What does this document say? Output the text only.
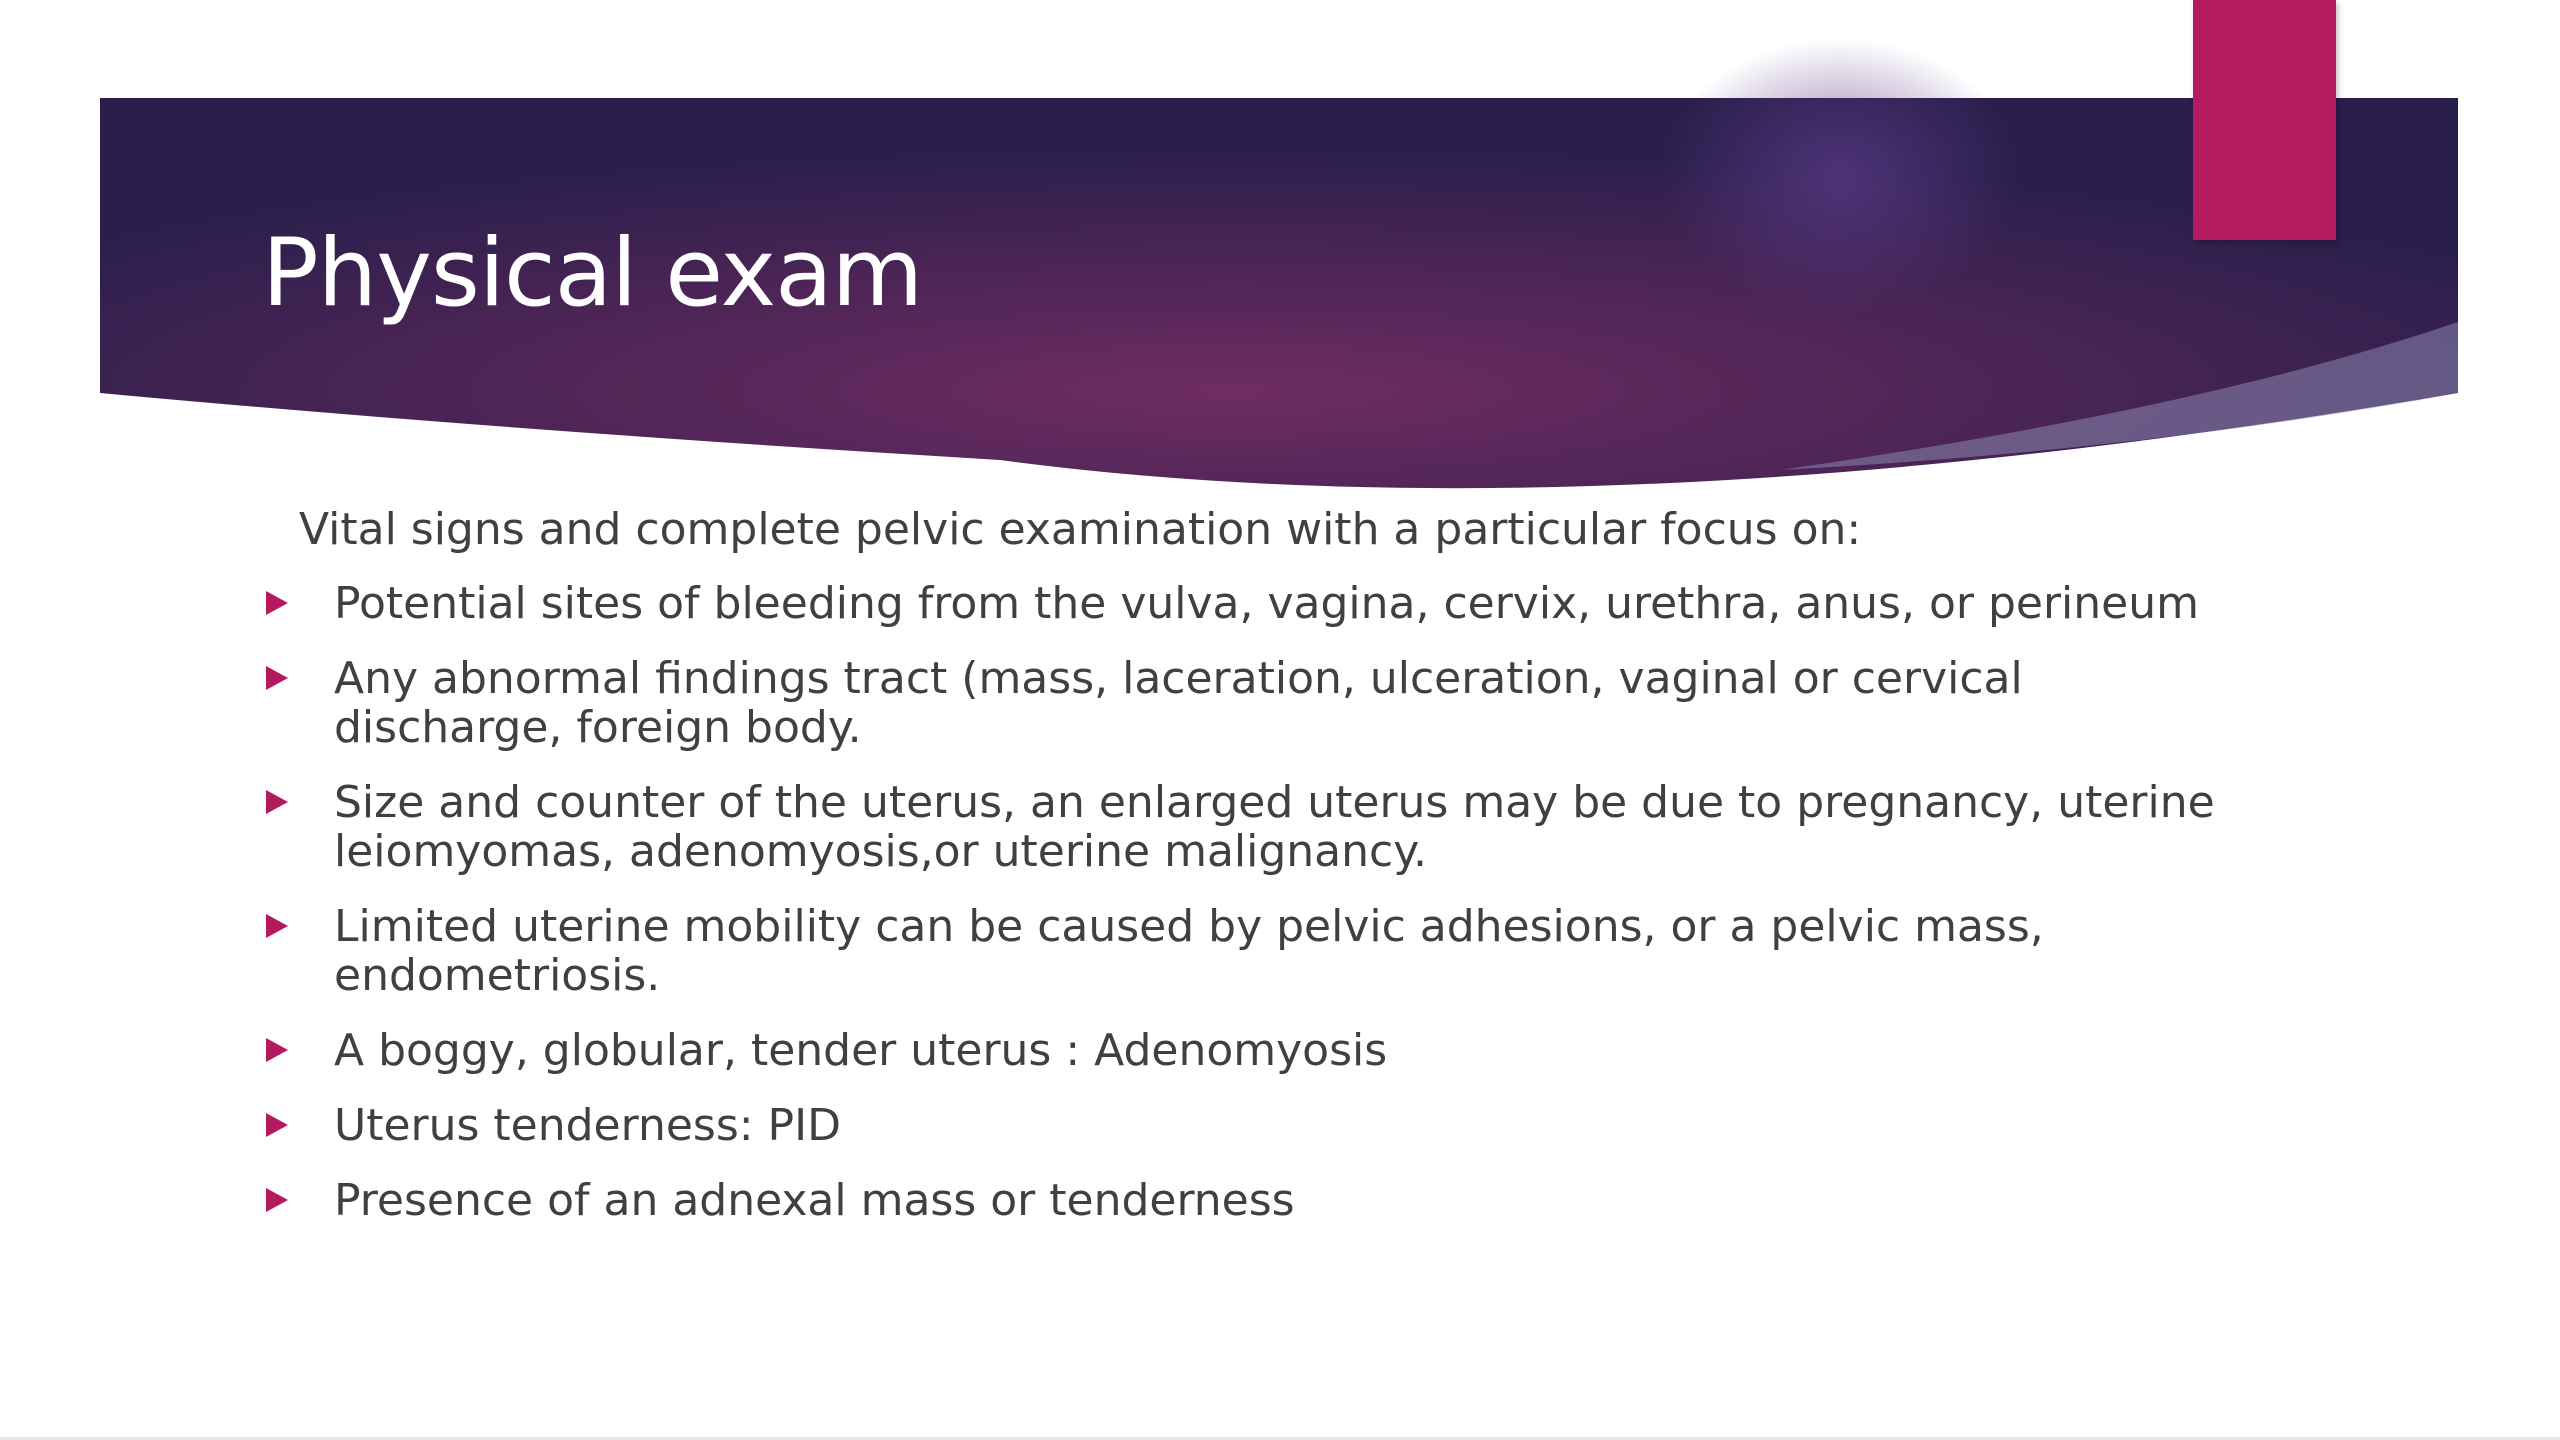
Physical exam

Vital signs and complete pelvic examination with a particular focus on:

Potential sites of bleeding from the vulva, vagina, cervix, urethra, anus, or perineum
Any abnormal findings tract (mass, laceration, ulceration, vaginal or cervical discharge, foreign body.
Size and counter of the uterus, an enlarged uterus may be due to pregnancy, uterine leiomyomas, adenomyosis,or uterine malignancy.
Limited uterine mobility can be caused by pelvic adhesions, or a pelvic mass, endometriosis.
A boggy, globular, tender uterus : Adenomyosis
Uterus tenderness: PID
Presence of an adnexal mass or tenderness
